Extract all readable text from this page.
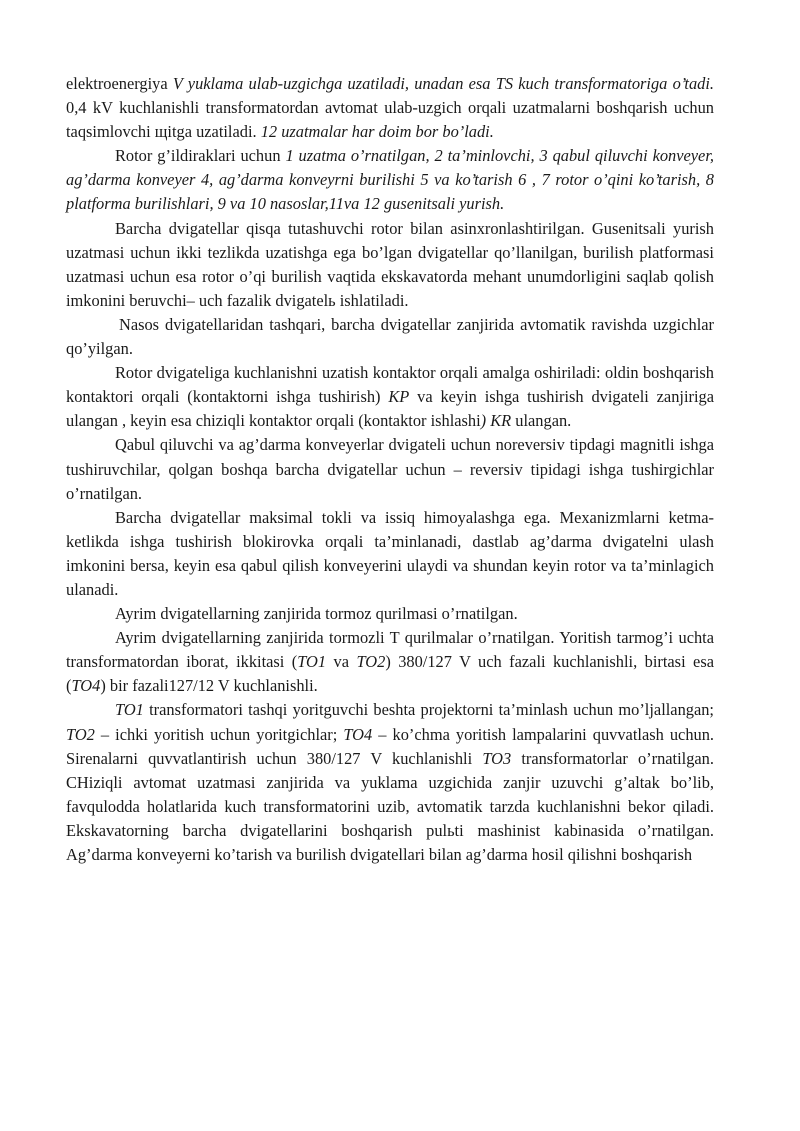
elektroenergiya V yuklama ulab-uzgichga uzatiladi, unadan esa TS kuch transformatoriga o’tadi. 0,4 kV kuchlanishli transformatordan avtomat ulab-uzgich orqali uzatmalarni boshqarish uchun taqsimlovchi щitga uzatiladi. 12 uzatmalar har doim bor bo’ladi.

Rotor g’ildiraklari uchun 1 uzatma o’rnatilgan, 2 ta’minlovchi, 3 qabul qiluvchi konveyer, ag’darma konveyer 4, ag’darma konveyrni burilishi 5 va ko’tarish 6 , 7 rotor o’qini ko’tarish, 8 platforma burilishlari, 9 va 10 nasoslar,11va 12 gusenitsali yurish.

Barcha dvigatellar qisqa tutashuvchi rotor bilan asinxronlashtirilgan. Gusenitsali yurish uzatmasi uchun ikki tezlikda uzatishga ega bo’lgan dvigatellar qo’llanilgan, burilish platformasi uzatmasi uchun esa rotor o’qi burilish vaqtida ekskavatorda mehant unumdorligini saqlab qolish imkonini beruvchi– uch fazalik dvigatelь ishlatiladi.

Nasos dvigatellaridan tashqari, barcha dvigatellar zanjirida avtomatik ravishda uzgichlar qo’yilgan.

Rotor dvigateliga kuchlanishni uzatish kontaktor orqali amalga oshiriladi: oldin boshqarish kontaktori orqali (kontaktorni ishga tushirish) KP va keyin ishga tushirish dvigateli zanjiriga ulangan , keyin esa chiziqli kontaktor orqali (kontaktor ishlashi) KR ulangan.

Qabul qiluvchi va ag’darma konveyerlar dvigateli uchun noreversiv tipdagi magnitli ishga tushiruvchilar, qolgan boshqa barcha dvigatellar uchun – reversiv tipidagi ishga tushirgichlar o’rnatilgan.

Barcha dvigatellar maksimal tokli va issiq himoyalashga ega. Mexanizmlarni ketma-ketlikda ishga tushirish blokirovka orqali ta’minlanadi, dastlab ag’darma dvigatelni ulash imkonini bersa, keyin esa qabul qilish konveyerini ulaydi va shundan keyin rotor va ta’minlagich ulanadi.

Ayrim dvigatellarning zanjirida tormoz qurilmasi o’rnatilgan.

Ayrim dvigatellarning zanjirida tormozli T qurilmalar o’rnatilgan. Yoritish tarmog’i uchta transformatordan iborat, ikkitasi (TO1 va TO2) 380/127 V uch fazali kuchlanishli, birtasi esa (TO4) bir fazali127/12 V kuchlanishli.

TO1 transformatori tashqi yoritguvchi beshta projektorni ta’minlash uchun mo’ljallangan; TO2 – ichki yoritish uchun yoritgichlar; TO4 – ko’chma yoritish lampalarini quvvatlash uchun. Sirenalarni quvvatlantirish uchun 380/127 V kuchlanishli TO3 transformatorlar o’rnatilgan. CHiziqli avtomat uzatmasi zanjirida va yuklama uzgichida zanjir uzuvchi g’altak bo’lib, favqulodda holatlarida kuch transformatorini uzib, avtomatik tarzda kuchlanishni bekor qiladi. Ekskavatorning barcha dvigatellarini boshqarish pulьti mashinist kabinasida o’rnatilgan. Ag’darma konveyerni ko’tarish va burilish dvigatellari bilan ag’darma hosil qilishni boshqarish
